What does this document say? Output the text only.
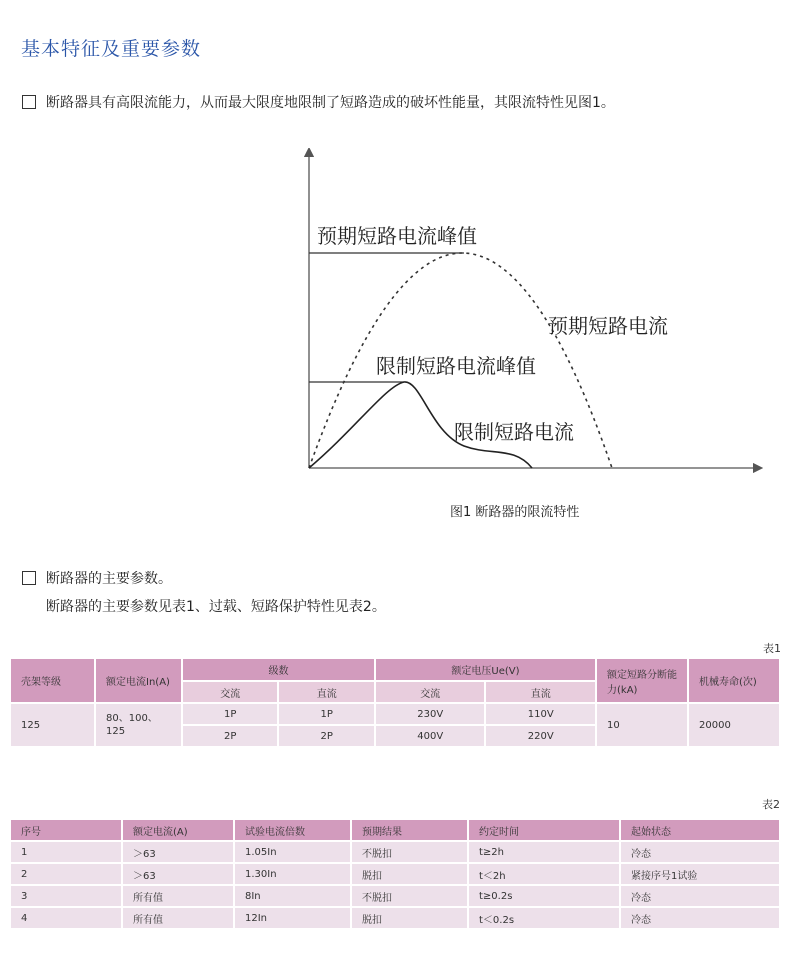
基本特征及重要参数
断路器具有高限流能力，从而最大限度地限制了短路造成的破坏性能量，其限流特性见图1。
预期短路电流峰值
预期短路电流
限制短路电流峰值
限制短路电流
图1 断路器的限流特性
断路器的主要参数。
断路器的主要参数见表1、过载、短路保护特性见表2。
表1
壳架等级	额定电流In(A)	级数		额定电压Ue(V)		额定短路分断能力(kA)	机械寿命(次)
		交流	直流	交流	直流		
125	80、100、125	1P	1P	230V	110V	10	20000
		2P	2P	400V	220V		
表2
序号	额定电流(A)	试验电流倍数	预期结果	约定时间	起始状态
1	＞63	1.05In	不脱扣	t≥2h	冷态
2	＞63	1.30In	脱扣	t＜2h	紧接序号1试验
3	所有值	8In	不脱扣	t≥0.2s	冷态
4	所有值	12In	脱扣	t＜0.2s	冷态
